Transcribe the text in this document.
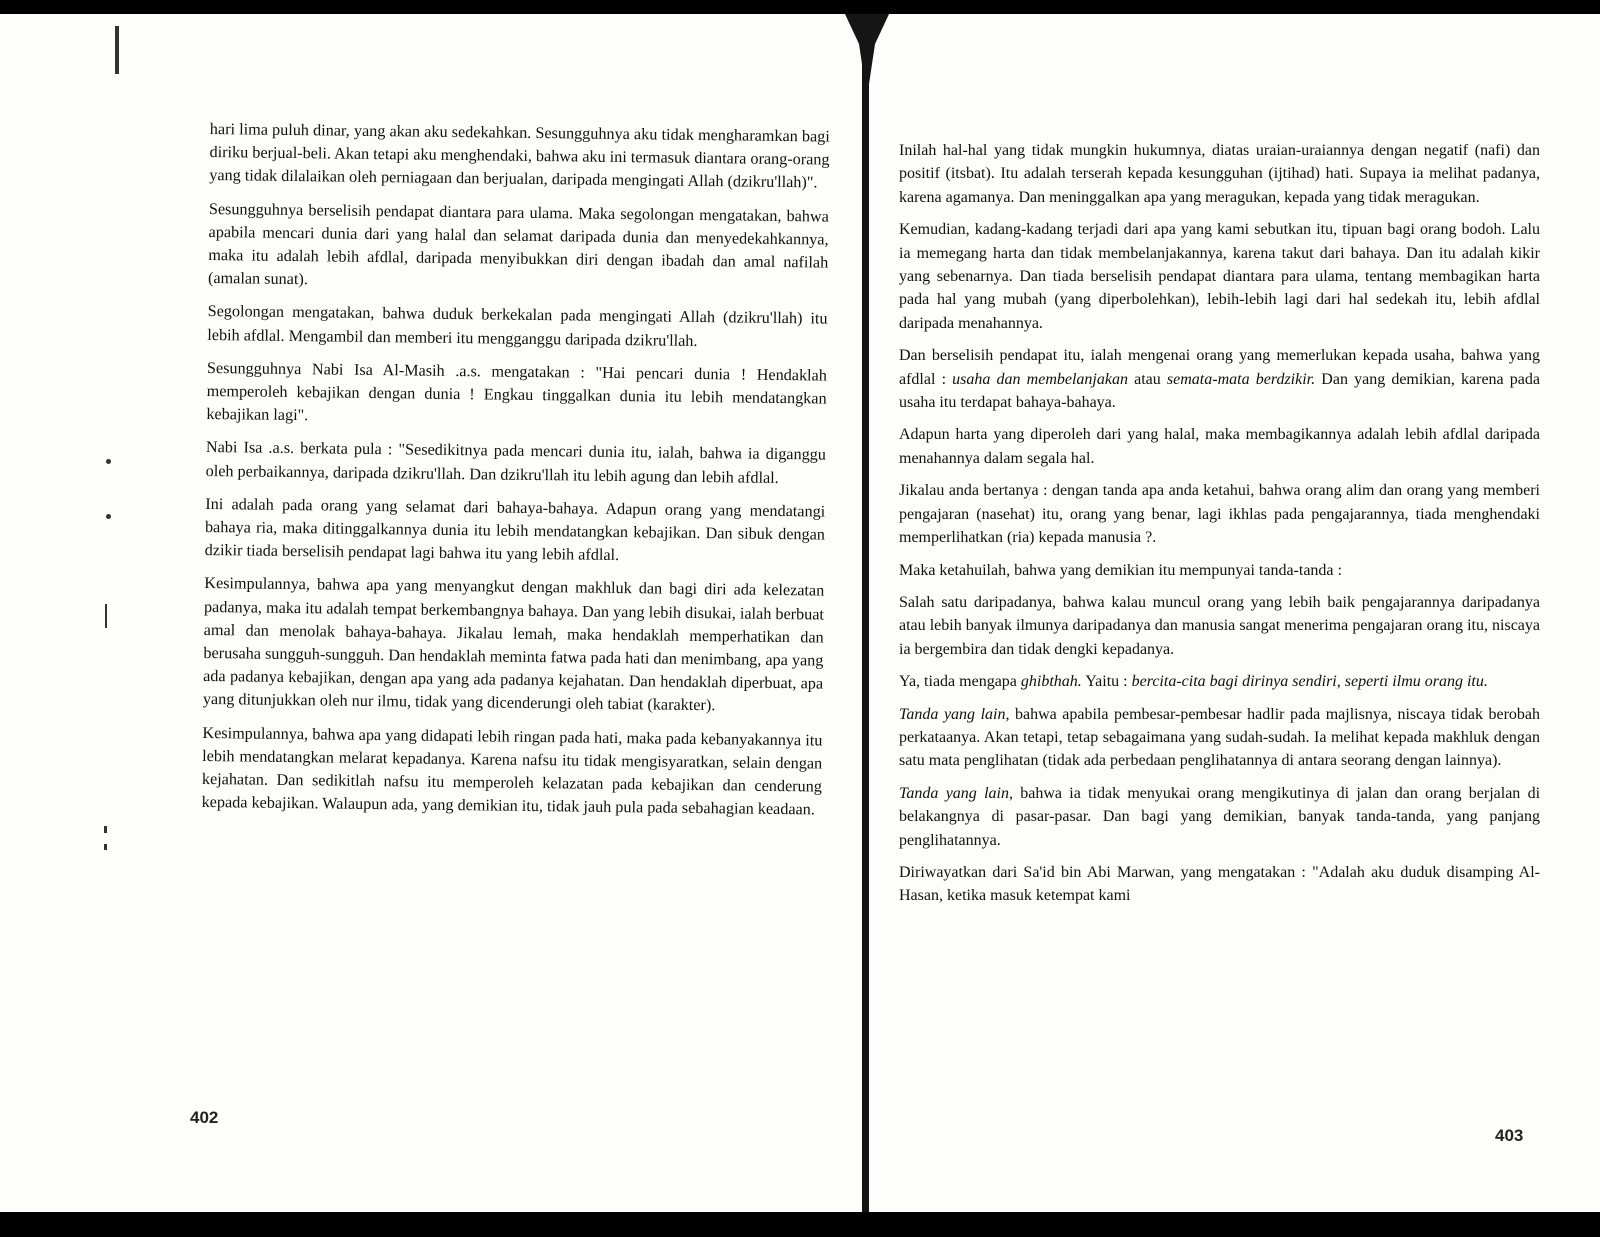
hari lima puluh dinar, yang akan aku sedekahkan. Sesungguhnya aku tidak mengharamkan bagi diriku berjual-beli. Akan tetapi aku menghendaki, bahwa aku ini termasuk diantara orang-orang yang tidak dilalaikan oleh perniagaan dan berjualan, daripada mengingati Allah (dzikru'llah)".

Sesungguhnya berselisih pendapat diantara para ulama. Maka segolongan mengatakan, bahwa apabila mencari dunia dari yang halal dan selamat daripada dunia dan menyedekahkannya, maka itu adalah lebih afdlal, daripada menyibukkan diri dengan ibadah dan amal nafilah (amalan sunat).

Segolongan mengatakan, bahwa duduk berkekalan pada mengingati Allah (dzikru'llah) itu lebih afdlal. Mengambil dan memberi itu mengganggu daripada dzikru'llah.

Sesungguhnya Nabi Isa Al-Masih .a.s. mengatakan : "Hai pencari dunia ! Hendaklah memperoleh kebajikan dengan dunia ! Engkau tinggalkan dunia itu lebih mendatangkan kebajikan lagi".

Nabi Isa .a.s. berkata pula : "Sesedikitnya pada mencari dunia itu, ialah, bahwa ia diganggu oleh perbaikannya, daripada dzikru'llah. Dan dzikru'llah itu lebih agung dan lebih afdlal.

Ini adalah pada orang yang selamat dari bahaya-bahaya. Adapun orang yang mendatangi bahaya ria, maka ditinggalkannya dunia itu lebih mendatangkan kebajikan. Dan sibuk dengan dzikir tiada berselisih pendapat lagi bahwa itu yang lebih afdlal.

Kesimpulannya, bahwa apa yang menyangkut dengan makhluk dan bagi diri ada kelezatan padanya, maka itu adalah tempat berkembangnya bahaya. Dan yang lebih disukai, ialah berbuat amal dan menolak bahaya-bahaya. Jikalau lemah, maka hendaklah memperhatikan dan berusaha sungguh-sungguh. Dan hendaklah meminta fatwa pada hati dan menimbang, apa yang ada padanya kebajikan, dengan apa yang ada padanya kejahatan. Dan hendaklah diperbuat, apa yang ditunjukkan oleh nur ilmu, tidak yang dicenderungi oleh tabiat (karakter).

Kesimpulannya, bahwa apa yang didapati lebih ringan pada hati, maka pada kebanyakannya itu lebih mendatangkan melarat kepadanya. Karena nafsu itu tidak mengisyaratkan, selain dengan kejahatan. Dan sedikitlah nafsu itu memperoleh kelazatan pada kebajikan dan cenderung kepada kebajikan. Walaupun ada, yang demikian itu, tidak jauh pula pada sebahagian keadaan.

402

Inilah hal-hal yang tidak mungkin hukumnya, diatas uraian-uraiannya dengan negatif (nafi) dan positif (itsbat). Itu adalah terserah kepada kesungguhan (ijtihad) hati. Supaya ia melihat padanya, karena agamanya. Dan meninggalkan apa yang meragukan, kepada yang tidak meragukan.

Kemudian, kadang-kadang terjadi dari apa yang kami sebutkan itu, tipuan bagi orang bodoh. Lalu ia memegang harta dan tidak membelanjakannya, karena takut dari bahaya. Dan itu adalah kikir yang sebenarnya. Dan tiada berselisih pendapat diantara para ulama, tentang membagikan harta pada hal yang mubah (yang diperbolehkan), lebih-lebih lagi dari hal sedekah itu, lebih afdlal daripada menahannya.

Dan berselisih pendapat itu, ialah mengenai orang yang memerlukan kepada usaha, bahwa yang afdlal : usaha dan membelanjakan atau semata-mata berdzikir. Dan yang demikian, karena pada usaha itu terdapat bahaya-bahaya.

Adapun harta yang diperoleh dari yang halal, maka membagikannya adalah lebih afdlal daripada menahannya dalam segala hal.

Jikalau anda bertanya : dengan tanda apa anda ketahui, bahwa orang alim dan orang yang memberi pengajaran (nasehat) itu, orang yang benar, lagi ikhlas pada pengajarannya, tiada menghendaki memperlihatkan (ria) kepada manusia ?.

Maka ketahuilah, bahwa yang demikian itu mempunyai tanda-tanda :

Salah satu daripadanya, bahwa kalau muncul orang yang lebih baik pengajarannya daripadanya atau lebih banyak ilmunya daripadanya dan manusia sangat menerima pengajaran orang itu, niscaya ia bergembira dan tidak dengki kepadanya.

Ya, tiada mengapa ghibthah. Yaitu : bercita-cita bagi dirinya sendiri, seperti ilmu orang itu.

Tanda yang lain, bahwa apabila pembesar-pembesar hadlir pada majlisnya, niscaya tidak berobah perkataanya. Akan tetapi, tetap sebagaimana yang sudah-sudah. Ia melihat kepada makhluk dengan satu mata penglihatan (tidak ada perbedaan penglihatannya di antara seorang dengan lainnya).

Tanda yang lain, bahwa ia tidak menyukai orang mengikutinya di jalan dan orang berjalan di belakangnya di pasar-pasar. Dan bagi yang demikian, banyak tanda-tanda, yang panjang penglihatannya.

Diriwayatkan dari Sa'id bin Abi Marwan, yang mengatakan : "Adalah aku duduk disamping Al-Hasan, ketika masuk ketempat kami

403
